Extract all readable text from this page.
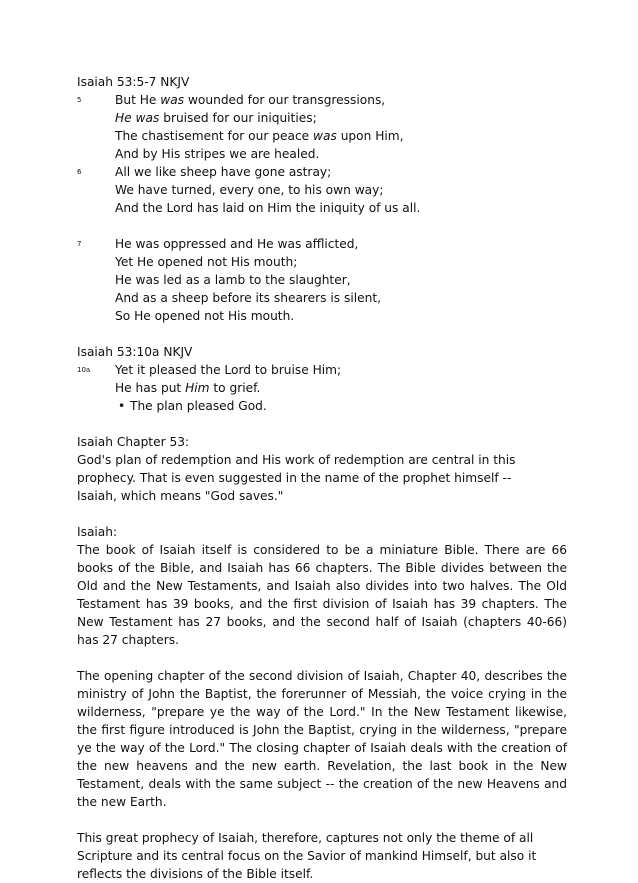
Isaiah 53:5-7 NKJV
5	But He was wounded for our transgressions,
He was bruised for our iniquities;
The chastisement for our peace was upon Him,
And by His stripes we are healed.
6	All we like sheep have gone astray;
We have turned, every one, to his own way;
And the Lord has laid on Him the iniquity of us all.
7	He was oppressed and He was afflicted,
Yet He opened not His mouth;
He was led as a lamb to the slaughter,
And as a sheep before its shearers is silent,
So He opened not His mouth.
Isaiah 53:10a NKJV
10a	Yet it pleased the Lord to bruise Him;
He has put Him to grief.
• The plan pleased God.
Isaiah Chapter 53:

God's plan of redemption and His work of redemption are central in this prophecy. That is even suggested in the name of the prophet himself -- Isaiah, which means "God saves."

Isaiah:

The book of Isaiah itself is considered to be a miniature Bible. There are 66 books of the Bible, and Isaiah has 66 chapters. The Bible divides between the Old and the New Testaments, and Isaiah also divides into two halves. The Old Testament has 39 books, and the first division of Isaiah has 39 chapters. The New Testament has 27 books, and the second half of Isaiah (chapters 40-66) has 27 chapters.

The opening chapter of the second division of Isaiah, Chapter 40, describes the ministry of John the Baptist, the forerunner of Messiah, the voice crying in the wilderness, "prepare ye the way of the Lord." In the New Testament likewise, the first figure introduced is John the Baptist, crying in the wilderness, "prepare ye the way of the Lord." The closing chapter of Isaiah deals with the creation of the new heavens and the new earth. Revelation, the last book in the New Testament, deals with the same subject -- the creation of the new Heavens and the new Earth.

This great prophecy of Isaiah, therefore, captures not only the theme of all Scripture and its central focus on the Savior of mankind Himself, but also it reflects the divisions of the Bible itself.
